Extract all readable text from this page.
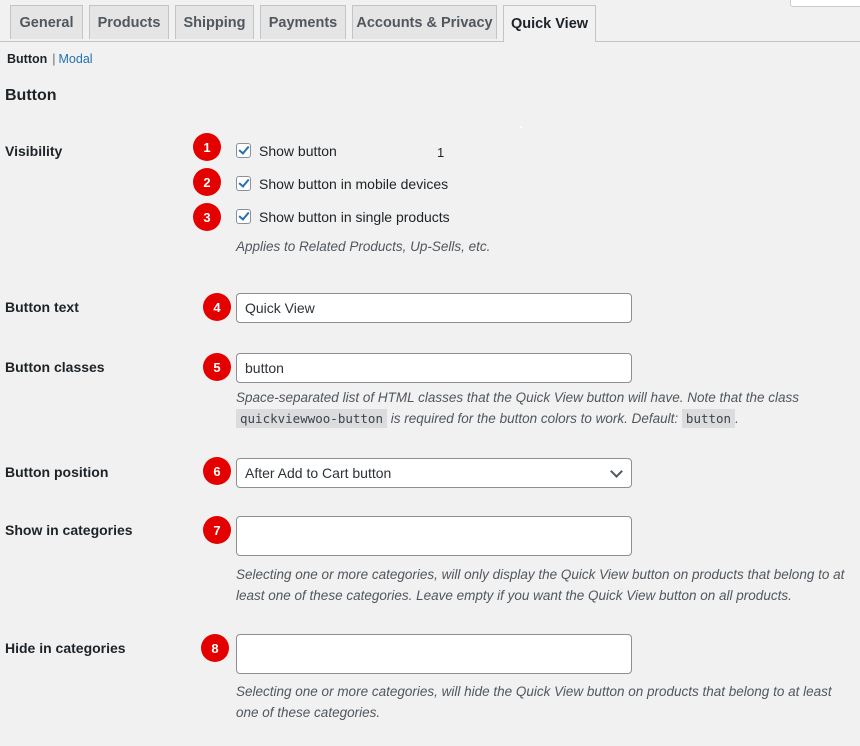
General	Products	Shipping	Payments	Accounts & Privacy	Quick View
Button | Modal
Button
Visibility	1	Show button	1
2	Show button in mobile devices
3	Show button in single products
Applies to Related Products, Up-Sells, etc.
Button text	4	Quick View
Button classes	5	button
Space-separated list of HTML classes that the Quick View button will have. Note that the class quickviewwoo-button is required for the button colors to work. Default: button .
Button position	6	After Add to Cart button
Show in categories	7
Selecting one or more categories, will only display the Quick View button on products that belong to at
least one of these categories. Leave empty if you want the Quick View button on all products.
Hide in categories	8
Selecting one or more categories, will hide the Quick View button on products that belong to at least
one of these categories.
